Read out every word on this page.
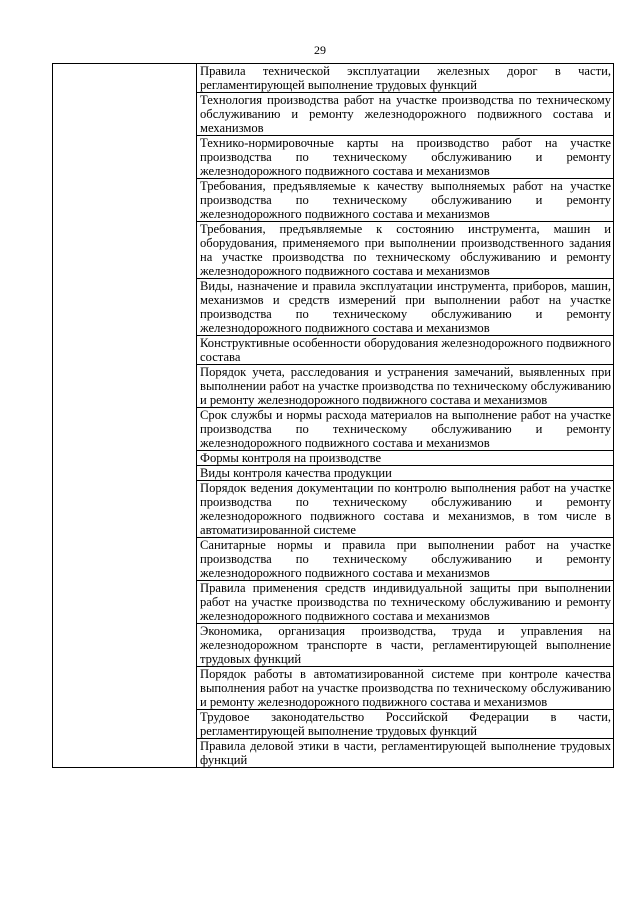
29
	Правила технической эксплуатации железных дорог в части, регламентирующей выполнение трудовых функций
Технология производства работ на участке производства по техническому обслуживанию и ремонту железнодорожного подвижного состава и механизмов
Технико-нормировочные карты на производство работ на участке производства по техническому обслуживанию и ремонту железнодорожного подвижного состава и механизмов
Требования, предъявляемые к качеству выполняемых работ на участке производства по техническому обслуживанию и ремонту железнодорожного подвижного состава и механизмов
Требования, предъявляемые к состоянию инструмента, машин и оборудования, применяемого при выполнении производственного задания на участке производства по техническому обслуживанию и ремонту железнодорожного подвижного состава и механизмов
Виды, назначение и правила эксплуатации инструмента, приборов, машин, механизмов и средств измерений при выполнении работ на участке производства по техническому обслуживанию и ремонту железнодорожного подвижного состава и механизмов
Конструктивные особенности оборудования железнодорожного подвижного состава
Порядок учета, расследования и устранения замечаний, выявленных при выполнении работ на участке производства по техническому обслуживанию и ремонту железнодорожного подвижного состава и механизмов
Срок службы и нормы расхода материалов на выполнение работ на участке производства по техническому обслуживанию и ремонту железнодорожного подвижного состава и механизмов
Формы контроля на производстве
Виды контроля качества продукции
Порядок ведения документации по контролю выполнения работ на участке производства по техническому обслуживанию и ремонту железнодорожного подвижного состава и механизмов, в том числе в автоматизированной системе
Санитарные нормы и правила при выполнении работ на участке производства по техническому обслуживанию и ремонту железнодорожного подвижного состава и механизмов
Правила применения средств индивидуальной защиты при выполнении работ на участке производства по техническому обслуживанию и ремонту железнодорожного подвижного состава и механизмов
Экономика, организация производства, труда и управления на железнодорожном транспорте в части, регламентирующей выполнение трудовых функций
Порядок работы в автоматизированной системе при контроле качества выполнения работ на участке производства по техническому обслуживанию и ремонту железнодорожного подвижного состава и механизмов
Трудовое законодательство Российской Федерации в части, регламентирующей выполнение трудовых функций
Правила деловой этики в части, регламентирующей выполнение трудовых функций
